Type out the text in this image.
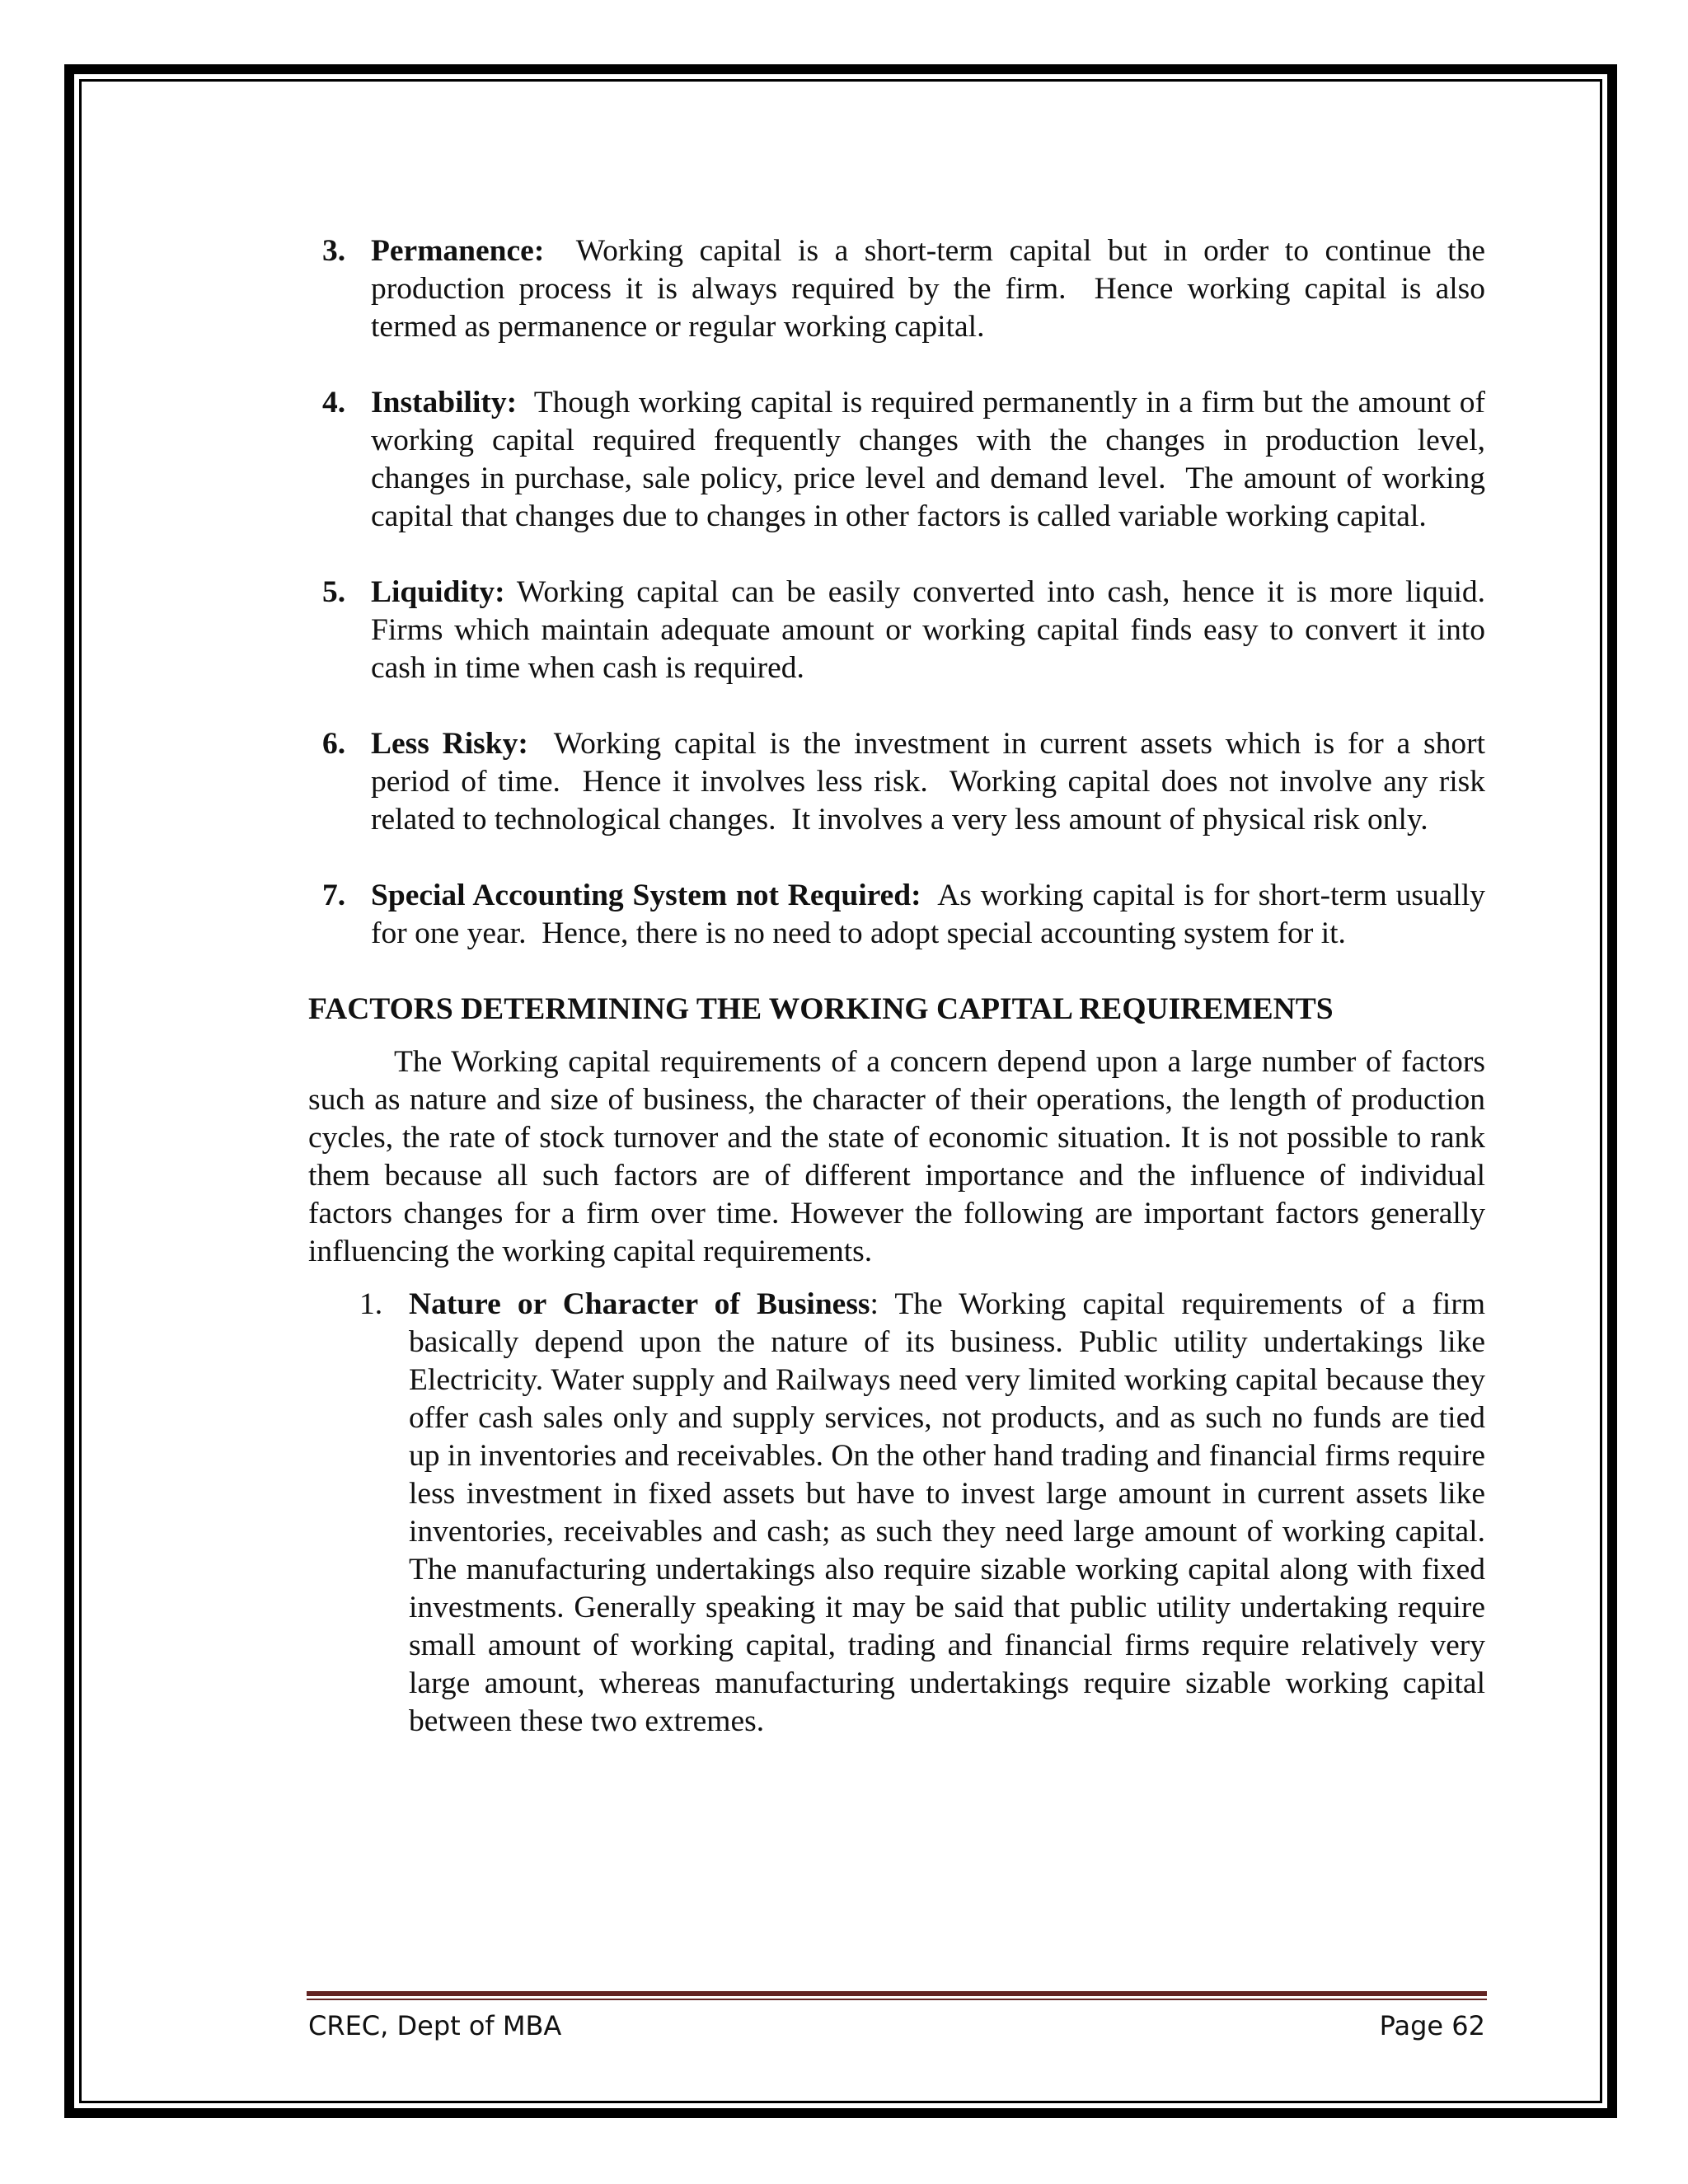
3. Permanence:  Working capital is a short-term capital but in order to continue the production process it is always required by the firm.  Hence working capital is also termed as permanence or regular working capital.
4. Instability:  Though working capital is required permanently in a firm but the amount of working capital required frequently changes with the changes in production level, changes in purchase, sale policy, price level and demand level.  The amount of working capital that changes due to changes in other factors is called variable working capital.
5. Liquidity: Working capital can be easily converted into cash, hence it is more liquid.  Firms which maintain adequate amount or working capital finds easy to convert it into cash in time when cash is required.
6. Less Risky:  Working capital is the investment in current assets which is for a short period of time.  Hence it involves less risk.  Working capital does not involve any risk related to technological changes.  It involves a very less amount of physical risk only.
7. Special Accounting System not Required:  As working capital is for short-term usually for one year.  Hence, there is no need to adopt special accounting system for it.
FACTORS DETERMINING THE WORKING CAPITAL REQUIREMENTS

The Working capital requirements of a concern depend upon a large number of factors such as nature and size of business, the character of their operations, the length of production cycles, the rate of stock turnover and the state of economic situation. It is not possible to rank them because all such factors are of different importance and the influence of individual factors changes for a firm over time. However the following are important factors generally influencing the working capital requirements.

1. Nature or Character of Business: The Working capital requirements of a firm basically depend upon the nature of its business. Public utility undertakings like Electricity. Water supply and Railways need very limited working capital because they offer cash sales only and supply services, not products, and as such no funds are tied up in inventories and receivables. On the other hand trading and financial firms require less investment in fixed assets but have to invest large amount in current assets like inventories, receivables and cash; as such they need large amount of working capital. The manufacturing undertakings also require sizable working capital along with fixed investments. Generally speaking it may be said that public utility undertaking require small amount of working capital, trading and financial firms require relatively very large amount, whereas manufacturing undertakings require sizable working capital between these two extremes.
CREC, Dept of MBA	Page 62
